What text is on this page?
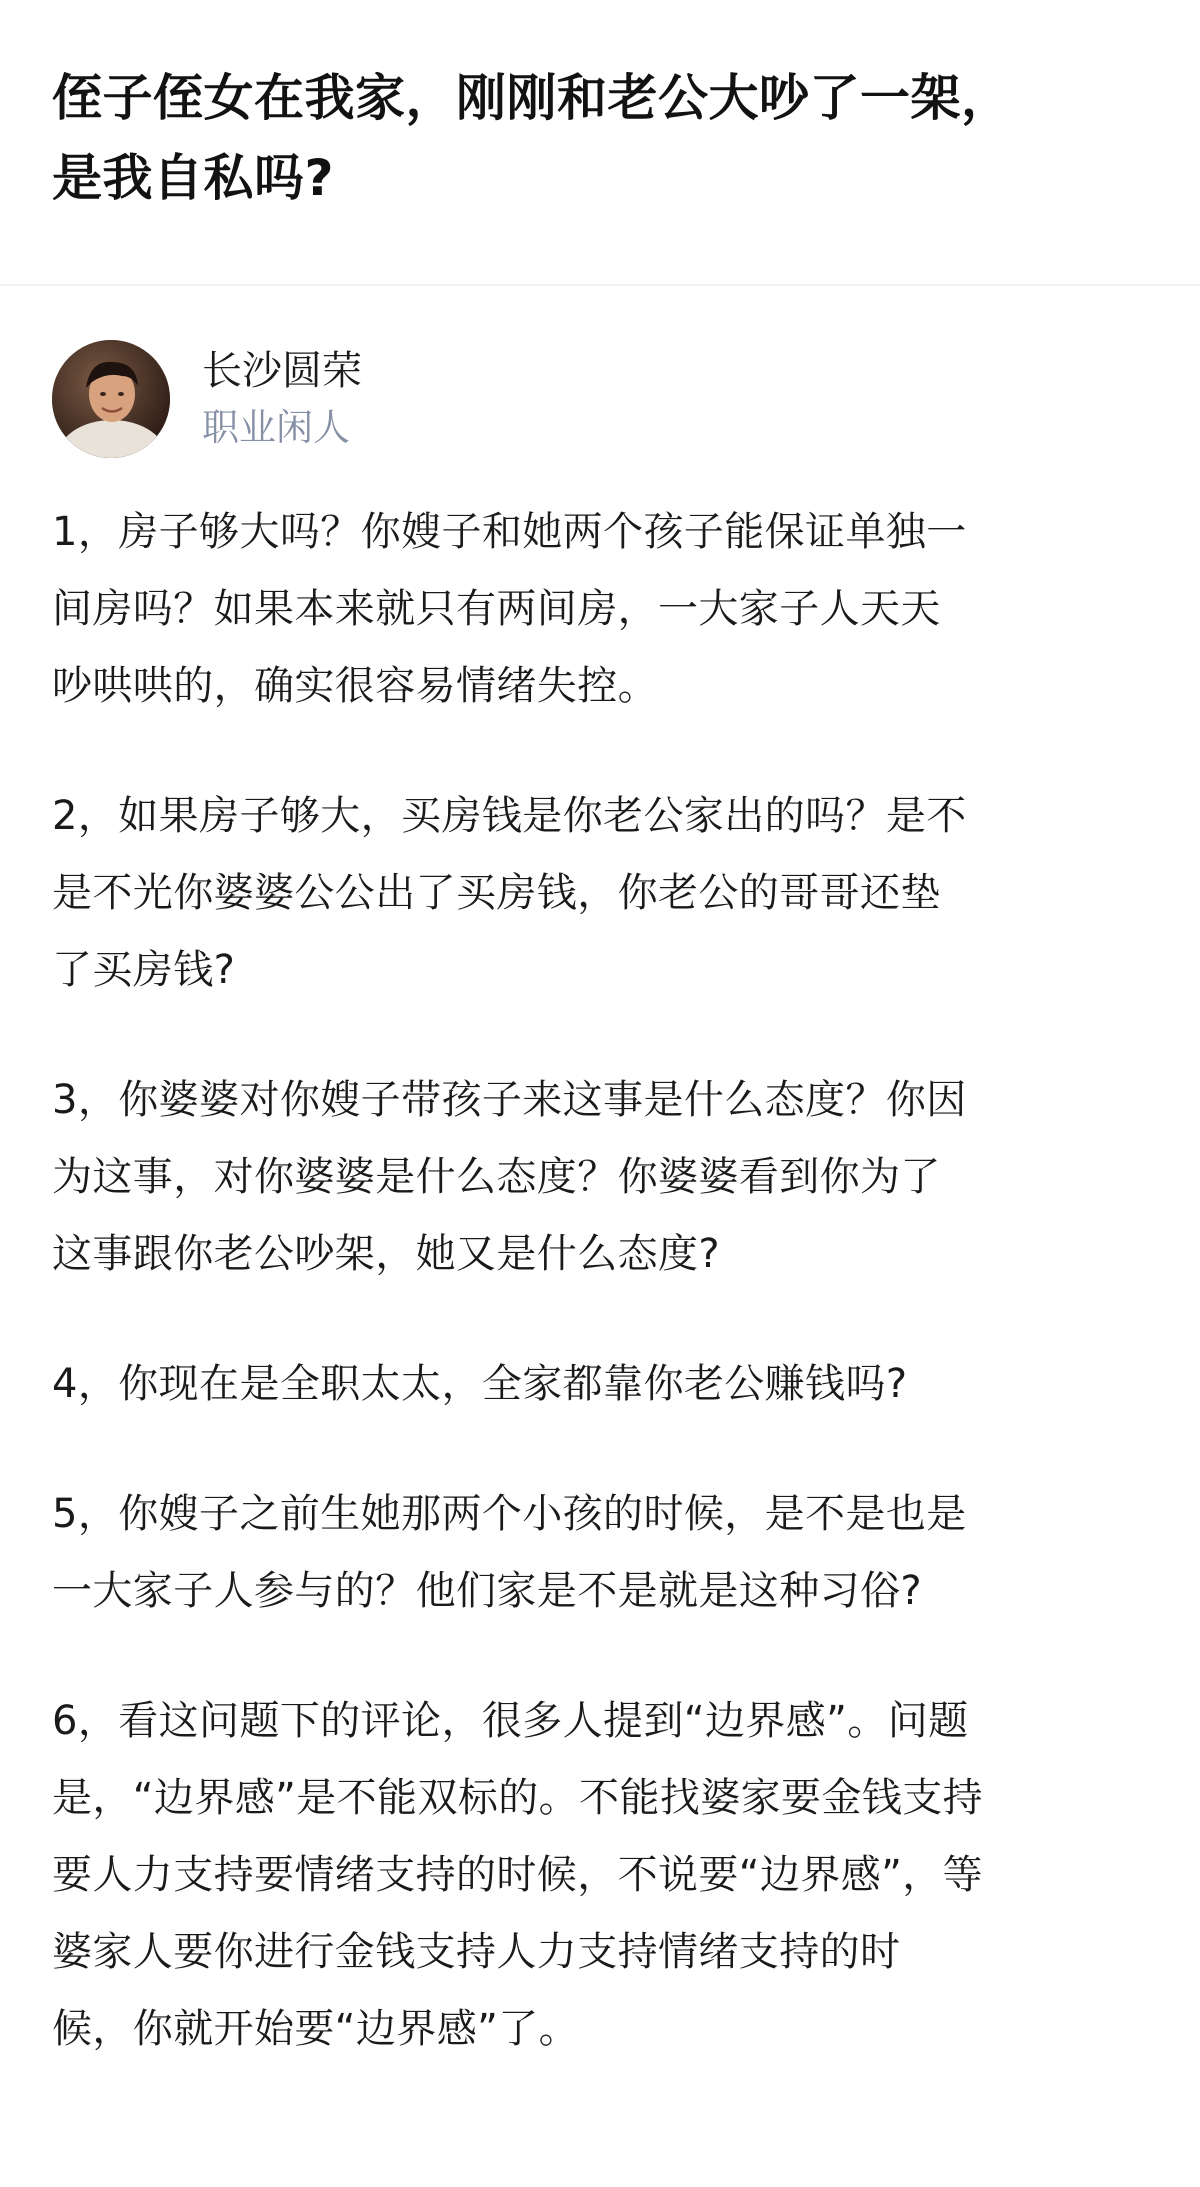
侄子侄女在我家，刚刚和老公大吵了一架，
是我自私吗?
长沙圆荣
职业闲人

1，房子够大吗？你嫂子和她两个孩子能保证单独一
间房吗？如果本来就只有两间房，一大家子人天天
吵哄哄的，确实很容易情绪失控。

2，如果房子够大，买房钱是你老公家出的吗？是不
是不光你婆婆公公出了买房钱，你老公的哥哥还垫
了买房钱?

3，你婆婆对你嫂子带孩子来这事是什么态度？你因
为这事，对你婆婆是什么态度？你婆婆看到你为了
这事跟你老公吵架，她又是什么态度?

4，你现在是全职太太，全家都靠你老公赚钱吗?

5，你嫂子之前生她那两个小孩的时候，是不是也是
一大家子人参与的？他们家是不是就是这种习俗?

6，看这问题下的评论，很多人提到“边界感”。问题
是，“边界感”是不能双标的。不能找婆家要金钱支持
要人力支持要情绪支持的时候，不说要“边界感”，等
婆家人要你进行金钱支持人力支持情绪支持的时
候，你就开始要“边界感”了。
